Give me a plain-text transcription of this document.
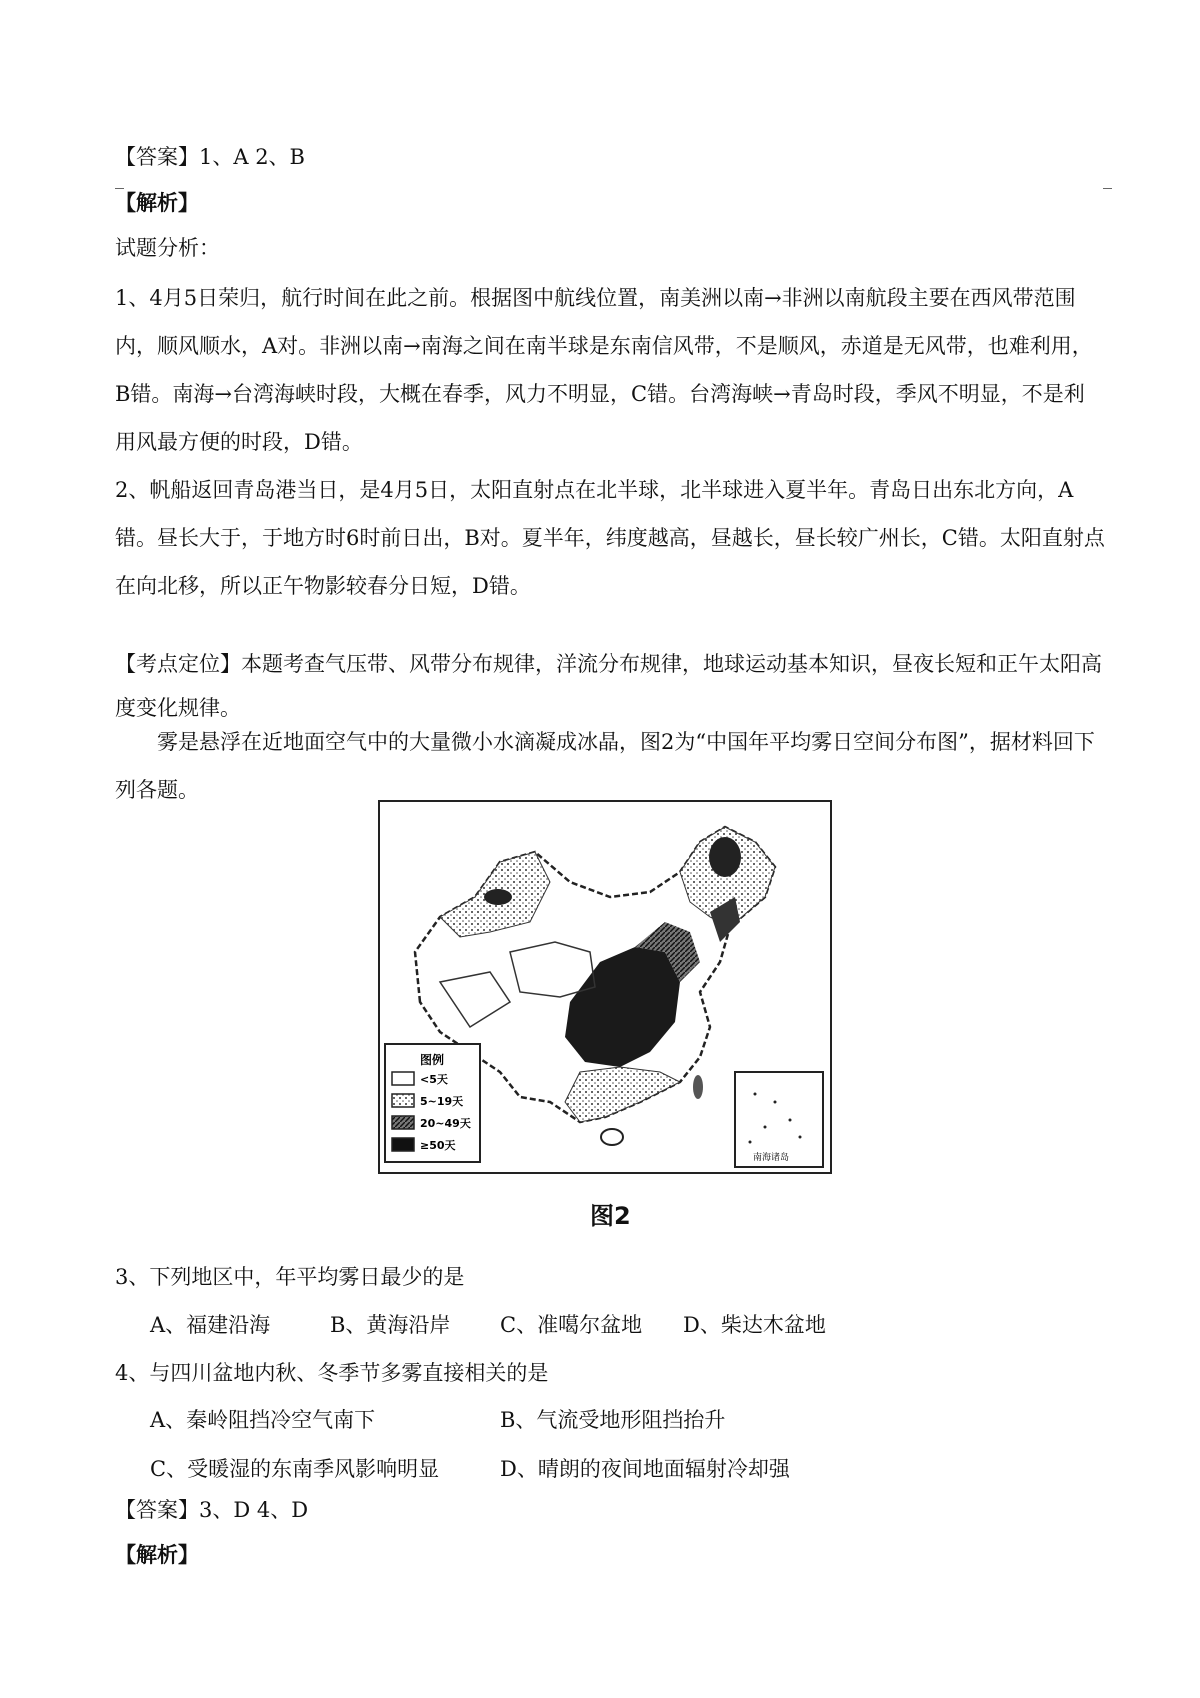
【答案】1、A 2、B
【解析】
试题分析：
1、4月5日荣归，航行时间在此之前。根据图中航线位置，南美洲以南→非洲以南航段主要在西风带范围内，顺风顺水，A对。非洲以南→南海之间在南半球是东南信风带，不是顺风，赤道是无风带，也难利用，B错。南海→台湾海峡时段，大概在春季，风力不明显，C错。台湾海峡→青岛时段，季风不明显，不是利用风最方便的时段，D错。
2、帆船返回青岛港当日，是4月5日，太阳直射点在北半球，北半球进入夏半年。青岛日出东北方向，A错。昼长大于，于地方时6时前日出，B对。夏半年，纬度越高，昼越长，昼长较广州长，C错。太阳直射点在向北移，所以正午物影较春分日短，D错。
【考点定位】本题考查气压带、风带分布规律，洋流分布规律，地球运动基本知识，昼夜长短和正午太阳高度变化规律。
雾是悬浮在近地面空气中的大量微小水滴凝成冰晶，图2为“中国年平均雾日空间分布图”，据材料回下列各题。
图例
<5天
5~19天
20~49天
≥50天
南海诸岛
图2
3、下列地区中，年平均雾日最少的是
A、福建沿海	B、黄海沿岸 C、准噶尔盆地 D、柴达木盆地
4、与四川盆地内秋、冬季节多雾直接相关的是
A、秦岭阻挡冷空气南下	B、气流受地形阻挡抬升
C、受暖湿的东南季风影响明显	D、晴朗的夜间地面辐射冷却强
【答案】3、D 4、D
【解析】
